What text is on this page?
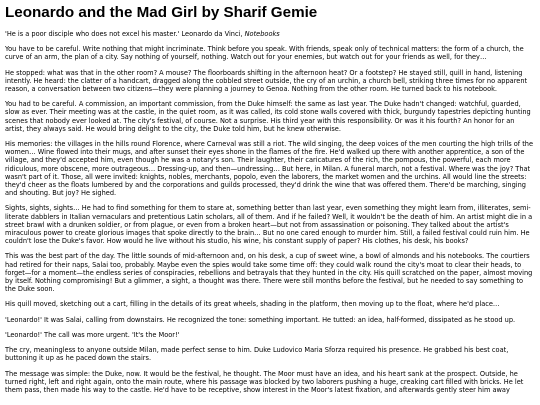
Leonardo and the Mad Girl by Sharif Gemie

'He is a poor disciple who does not excel his master.' Leonardo da Vinci, Notebooks

You have to be careful. Write nothing that might incriminate. Think before you speak. With friends, speak only of technical matters: the form of a church, the curve of an arm, the plan of a city. Say nothing of yourself, nothing. Watch out for your enemies, but watch out for your friends as well, for they…

He stopped: what was that in the other room? A mouse? The floorboards shifting in the afternoon heat? Or a footstep? He stayed still, quill in hand, listening intently. He heard: the clatter of a handcart, dragged along the cobbled street outside, the cry of an urchin, a church bell, striking three times for no apparent reason, a conversation between two citizens—they were planning a journey to Genoa. Nothing from the other room. He turned back to his notebook.

You had to be careful. A commission, an important commission, from the Duke himself: the same as last year. The Duke hadn't changed: watchful, guarded, slow as ever. Their meeting was at the castle, in the quiet room, as it was called, its cold stone walls covered with thick, burgundy tapestries depicting hunting scenes that nobody ever looked at. The city's festival, of course. Not a surprise. His third year with this responsibility. Or was it his fourth? An honor for an artist, they always said. He would bring delight to the city, the Duke told him, but he knew otherwise.

His memories: the villages in the hills round Florence, where Carneval was still a riot. The wild singing, the deep voices of the men courting the high trills of the women… Wine flowed into their mugs, and after sunset their eyes shone in the flames of the fire. He'd walked up there with another apprentice, a son of the village, and they'd accepted him, even though he was a notary's son. Their laughter, their caricatures of the rich, the pompous, the powerful, each more ridiculous, more obscene, more outrageous… Dressing-up, and then—undressing… But here, in Milan. A funeral march, not a festival. Where was the joy? That wasn't part of it. Those, all were invited: knights, nobles, merchants, popolo, even the laborers, the market women and the urchins. All would line the streets: they'd cheer as the floats lumbered by and the corporations and guilds processed, they'd drink the wine that was offered them. There'd be marching, singing and shouting. But joy? He sighed.

Sights, sights, sights… He had to find something for them to stare at, something better than last year, even something they might learn from, illiterates, semi-literate dabblers in Italian vernaculars and pretentious Latin scholars, all of them. And if he failed? Well, it wouldn't be the death of him. An artist might die in a street brawl with a drunken soldier, or from plague, or even from a broken heart—but not from assassination or poisoning. They talked about the artist's miraculous power to create glorious images that spoke directly to the brain… But no one cared enough to murder him. Still, a failed festival could ruin him. He couldn't lose the Duke's favor. How would he live without his studio, his wine, his constant supply of paper? His clothes, his desk, his books?

This was the best part of the day. The little sounds of mid-afternoon and, on his desk, a cup of sweet wine, a bowl of almonds and his notebooks. The courtiers had retired for their naps, Salai too, probably. Maybe even the spies would take some time off: they could walk round the city's moat to clear their heads, to forget—for a moment—the endless series of conspiracies, rebellions and betrayals that they hunted in the city. His quill scratched on the paper, almost moving by itself. Nothing compromising! But a glimmer, a sight, a thought was there. There were still months before the festival, but he needed to say something to the Duke soon.

His quill moved, sketching out a cart, filling in the details of its great wheels, shading in the platform, then moving up to the float, where he'd place…

'Leonardo!' It was Salai, calling from downstairs. He recognized the tone: something important. He tutted: an idea, half-formed, dissipated as he stood up.

'Leonardo!' The call was more urgent. 'It's the Moor!'

The cry, meaningless to anyone outside Milan, made perfect sense to him. Duke Ludovico Maria Sforza required his presence. He grabbed his best coat, buttoning it up as he paced down the stairs.

The message was simple: the Duke, now. It would be the festival, he thought. The Moor must have an idea, and his heart sank at the prospect. Outside, he turned right, left and right again, onto the main route, where his passage was blocked by two laborers pushing a huge, creaking cart filled with bricks. He let them pass, then made his way to the castle. He'd have to be receptive, show interest in the Moor's latest fixation, and afterwards gently steer him away
